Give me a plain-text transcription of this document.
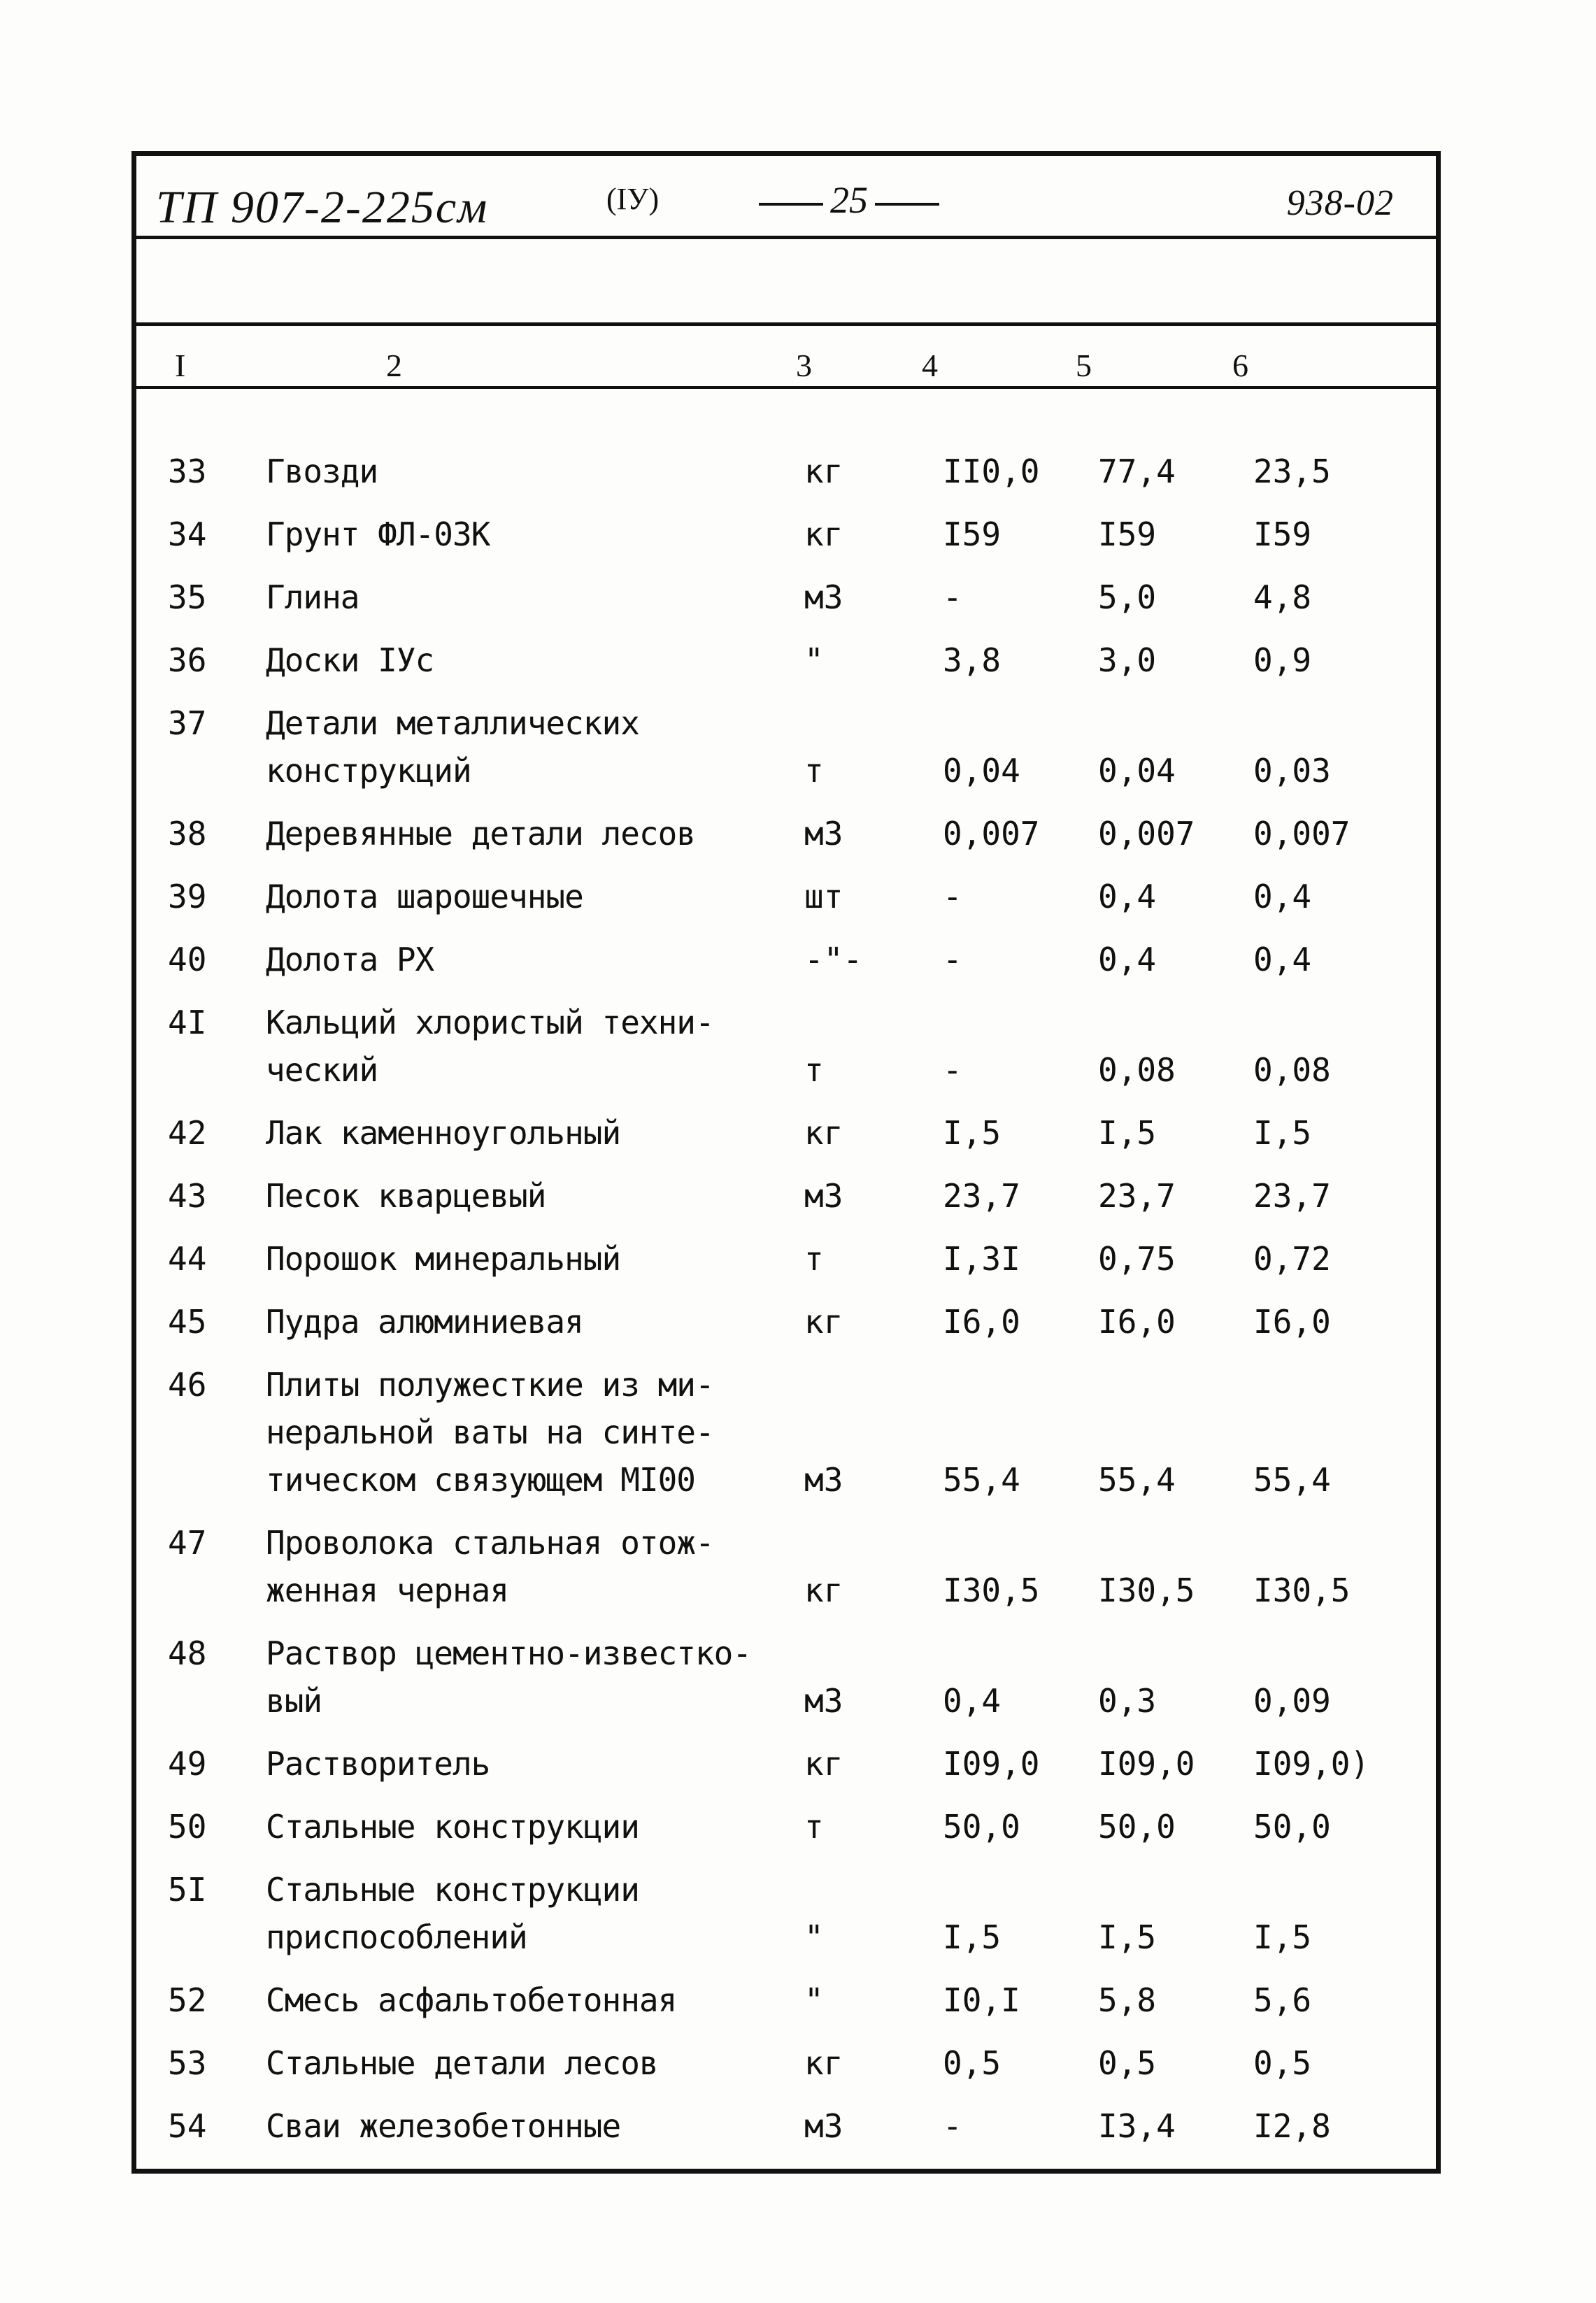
ТП 907-2-225см	(IУ)	25	938-02
I	2	3	4	5	6
33	Гвозди	кг	II0,0	77,4	23,5
34	Грунт ФЛ-03К	кг	I59	I59	I59
35	Глина	м3	-	5,0	4,8
36	Доски IУс	"	3,8	3,0	0,9
37	Детали металлических конструкций	т	0,04	0,04	0,03
38	Деревянные детали лесов	м3	0,007	0,007	0,007
39	Долота шарошечные	шт	-	0,4	0,4
40	Долота РХ	-"-	-	0,4	0,4
4I	Кальций хлористый техни-ческий	т	-	0,08	0,08
42	Лак каменноугольный	кг	I,5	I,5	I,5
43	Песок кварцевый	м3	23,7	23,7	23,7
44	Порошок минеральный	т	I,3I	0,75	0,72
45	Пудра алюминиевая	кг	I6,0	I6,0	I6,0
46	Плиты полужесткие из ми-неральной ваты на синте-тическом связующем МI00	м3	55,4	55,4	55,4
47	Проволока стальная отож-женная черная	кг	I30,5	I30,5	I30,5
48	Раствор цементно-известко-вый	м3	0,4	0,3	0,09
49	Растворитель	кг	I09,0	I09,0	I09,0)
50	Стальные конструкции	т	50,0	50,0	50,0
5I	Стальные конструкции приспособлений	"	I,5	I,5	I,5
52	Смесь асфальтобетонная	"	I0,I	5,8	5,6
53	Стальные детали лесов	кг	0,5	0,5	0,5
54	Сваи железобетонные	м3	-	I3,4	I2,8
